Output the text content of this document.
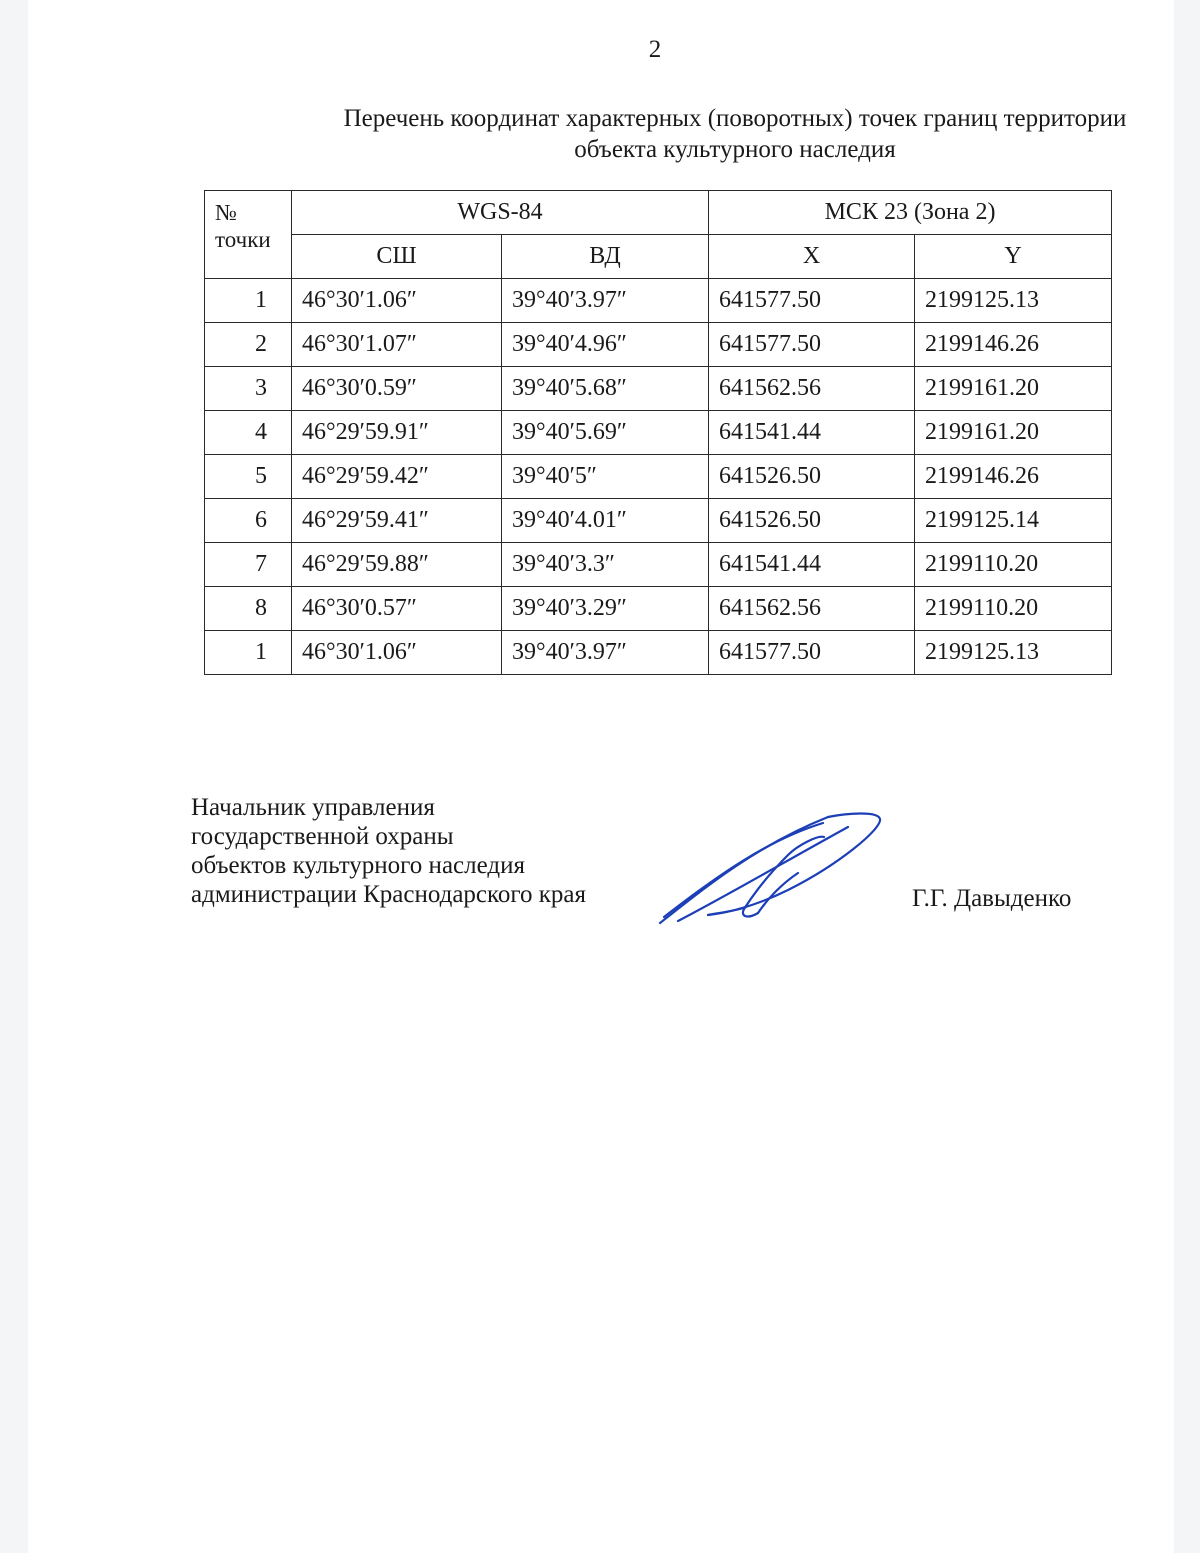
2
Перечень координат характерных (поворотных) точек границ территории
объекта культурного наследия
№
точки	WGS-84		МСК 23 (Зона 2)	
	СШ	ВД	X	Y
1	46°30′1.06″	39°40′3.97″	641577.50	2199125.13
2	46°30′1.07″	39°40′4.96″	641577.50	2199146.26
3	46°30′0.59″	39°40′5.68″	641562.56	2199161.20
4	46°29′59.91″	39°40′5.69″	641541.44	2199161.20
5	46°29′59.42″	39°40′5″	641526.50	2199146.26
6	46°29′59.41″	39°40′4.01″	641526.50	2199125.14
7	46°29′59.88″	39°40′3.3″	641541.44	2199110.20
8	46°30′0.57″	39°40′3.29″	641562.56	2199110.20
1	46°30′1.06″	39°40′3.97″	641577.50	2199125.13
Начальник управления
государственной охраны
объектов культурного наследия
администрации Краснодарского края	Г.Г. Давыденко
